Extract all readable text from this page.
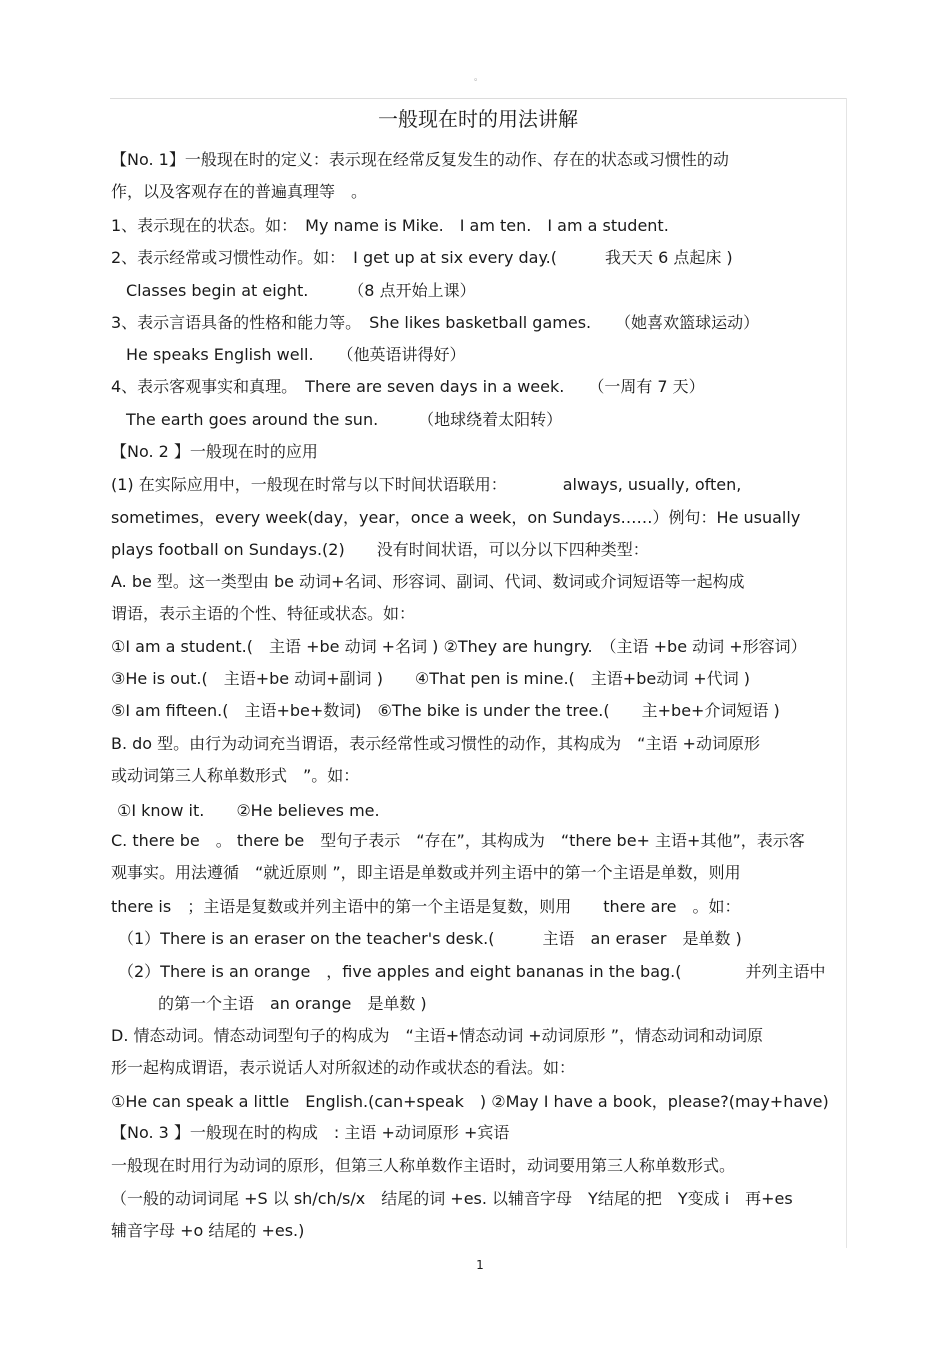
。
一般现在时的用法讲解
【No. 1】一般现在时的定义：表示现在经常反复发生的动作、存在的状态或习惯性的动
作，以及客观存在的普遍真理等　。
1、表示现在的状态。如：　My name is Mike.　I am ten.　I am a student.
2、表示经常或习惯性动作。如：　I get up at six every day.(　　　我天天 6 点起床 )
Classes begin at eight.　　　（8 点开始上课）
3、表示言语具备的性格和能力等。　She likes basketball games.　　（她喜欢篮球运动）
He speaks English well.　　（他英语讲得好）
4、表示客观事实和真理。　There are seven days in a week.　　（一周有 7 天）
The earth goes around the sun.　　　（地球绕着太阳转）
【No. 2 】一般现在时的应用
(1) 在实际应用中，一般现在时常与以下时间状语联用：　　　　always, usually, often,
sometimes，every week(day，year，once a week，on Sundays……）例句：He usually
plays football on Sundays.(2)　　没有时间状语，可以分以下四种类型：
A. be 型。这一类型由 be 动词+名词、形容词、副词、代词、数词或介词短语等一起构成
谓语，表示主语的个性、特征或状态。如：
①I am a student.(　主语 +be 动词 +名词 ) ②They are hungry.　（主语 +be 动词 +形容词）
③He is out.(　主语+be 动词+副词 )　　④That pen is mine.(　主语+be动词 +代词 )
⑤I am fifteen.(　主语+be+数词)　⑥The bike is under the tree.(　　主+be+介词短语 )
B. do 型。由行为动词充当谓语，表示经常性或习惯性的动作，其构成为　“主语 +动词原形
或动词第三人称单数形式　”。如：
①I know it.　　②He believes me.
C. there be　。 there be　型句子表示　“存在”，其构成为　“there be+ 主语+其他”，表示客
观事实。用法遵循　“就近原则 ”，即主语是单数或并列主语中的第一个主语是单数，则用
there is　；主语是复数或并列主语中的第一个主语是复数，则用　　there are　。如：
（1）There is an eraser on the teacher's desk.(　　　主语　an eraser　是单数 )
（2）There is an orange　，five apples and eight bananas in the bag.(　　　　并列主语中
的第一个主语　an orange　是单数 )
D. 情态动词。情态动词型句子的构成为　“主语+情态动词 +动词原形 ”，情态动词和动词原
形一起构成谓语，表示说话人对所叙述的动作或状态的看法。如：
①He can speak a little　English.(can+speak　) ②May I have a book，please?(may+have)
【No. 3 】一般现在时的构成　: 主语 +动词原形 +宾语
一般现在时用行为动词的原形，但第三人称单数作主语时，动词要用第三人称单数形式。
（一般的动词词尾 +S 以 sh/ch/s/x　结尾的词 +es. 以辅音字母　Y结尾的把　Y变成 i　再+es
辅音字母 +o 结尾的 +es.)
1
